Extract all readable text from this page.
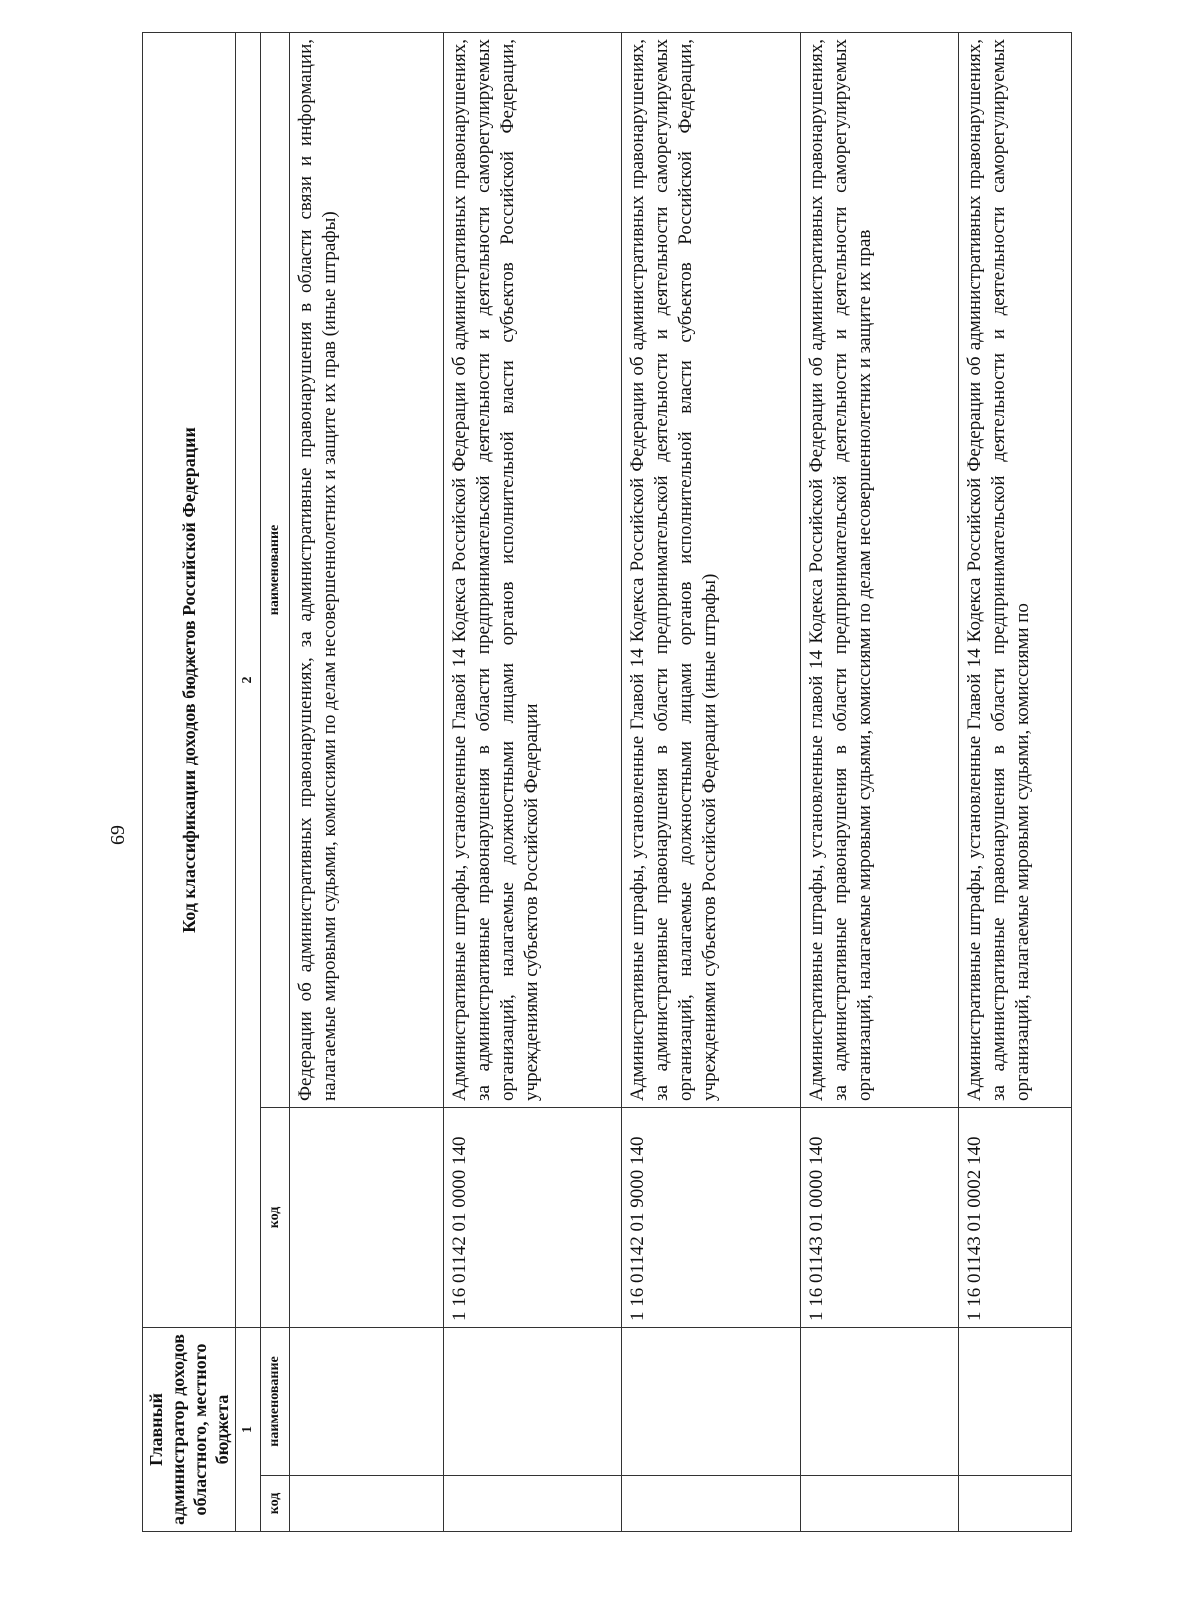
69
Главный администратор доходов областного, местного бюджета		Код классификации доходов бюджетов Российской Федерации	
1		2	
код	наименование	код	наименование
			Федерации об административных правонарушениях, за административные правонарушения в области связи и информации, налагаемые мировыми судьями, комиссиями по делам несовершеннолетних и защите их прав (иные штрафы)
		1 16 01142 01 0000 140	Административные штрафы, установленные Главой 14 Кодекса Российской Федерации об административных правонарушениях, за административные правонарушения в области предпринимательской деятельности и деятельности саморегулируемых организаций, налагаемые должностными лицами органов исполнительной власти субъектов Российской Федерации, учреждениями субъектов Российской Федерации
		1 16 01142 01 9000 140	Административные штрафы, установленные Главой 14 Кодекса Российской Федерации об административных правонарушениях, за административные правонарушения в области предпринимательской деятельности и деятельности саморегулируемых организаций, налагаемые должностными лицами органов исполнительной власти субъектов Российской Федерации, учреждениями субъектов Российской Федерации (иные штрафы)
		1 16 01143 01 0000 140	Административные штрафы, установленные главой 14 Кодекса Российской Федерации об административных правонарушениях, за административные правонарушения в области предпринимательской деятельности и деятельности саморегулируемых организаций, налагаемые мировыми судьями, комиссиями по делам несовершеннолетних и защите их прав
		1 16 01143 01 0002 140	Административные штрафы, установленные Главой 14 Кодекса Российской Федерации об административных правонарушениях, за административные правонарушения в области предпринимательской деятельности и деятельности саморегулируемых организаций, налагаемые мировыми судьями, комиссиями по
